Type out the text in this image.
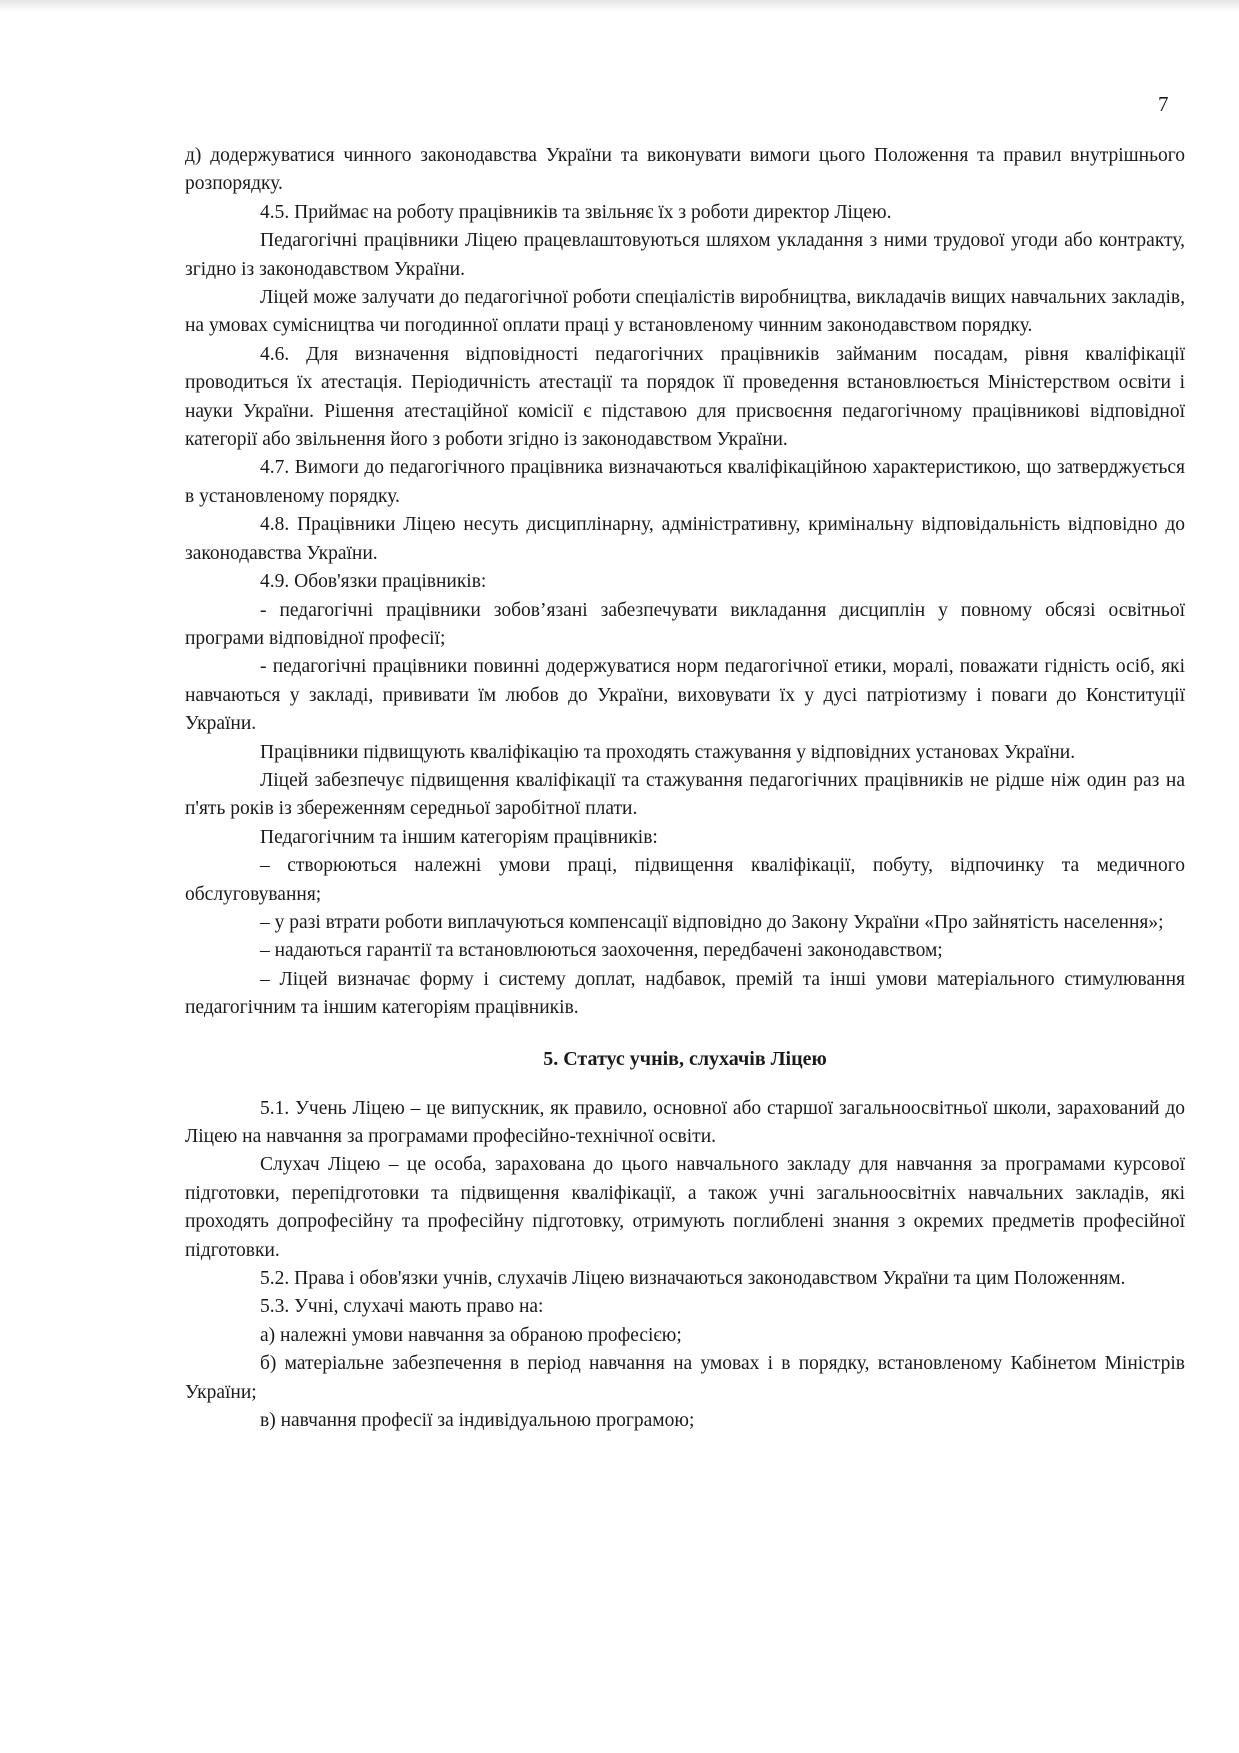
7

д) додержуватися чинного законодавства України та виконувати вимоги цього Положення та правил внутрішнього розпорядку.

4.5. Приймає на роботу працівників та звільняє їх з роботи директор Ліцею.

Педагогічні працівники Ліцею працевлаштовуються шляхом укладання з ними трудової угоди або контракту, згідно із законодавством України.

Ліцей може залучати до педагогічної роботи спеціалістів виробництва, викладачів вищих навчальних закладів, на умовах сумісництва чи погодинної оплати праці у встановленому чинним законодавством порядку.

4.6. Для визначення відповідності педагогічних працівників займаним посадам, рівня кваліфікації проводиться їх атестація. Періодичність атестації та порядок її проведення встановлюється Міністерством освіти і науки України. Рішення атестаційної комісії є підставою для присвоєння педагогічному працівникові відповідної категорії або звільнення його з роботи згідно із законодавством України.

4.7. Вимоги до педагогічного працівника визначаються кваліфікаційною характеристикою, що затверджується в установленому порядку.

4.8. Працівники Ліцею несуть дисциплінарну, адміністративну, кримінальну відповідальність відповідно до законодавства України.

4.9. Обов'язки працівників:

- педагогічні працівники зобов’язані забезпечувати викладання дисциплін у повному обсязі освітньої програми відповідної професії;

- педагогічні працівники повинні додержуватися норм педагогічної етики, моралі, поважати гідність осіб, які навчаються у закладі, прививати їм любов до України, виховувати їх у дусі патріотизму і поваги до Конституції України.

Працівники підвищують кваліфікацію та проходять стажування у відповідних установах України.

Ліцей забезпечує підвищення кваліфікації та стажування педагогічних працівників не рідше ніж один раз на п'ять років із збереженням середньої заробітної плати.

Педагогічним та іншим категоріям працівників:

– створюються належні умови праці, підвищення кваліфікації, побуту, відпочинку та медичного обслуговування;

– у разі втрати роботи виплачуються компенсації відповідно до Закону України «Про зайнятість населення»;

– надаються гарантії та встановлюються заохочення, передбачені законодавством;

– Ліцей визначає форму і систему доплат, надбавок, премій та інші умови матеріального стимулювання педагогічним та іншим категоріям працівників.

5. Статус учнів, слухачів Ліцею

5.1. Учень Ліцею – це випускник, як правило, основної або старшої загальноосвітньої школи, зарахований до Ліцею на навчання за програмами професійно-технічної освіти.

Слухач Ліцею – це особа, зарахована до цього навчального закладу для навчання за програмами курсової підготовки, перепідготовки та підвищення кваліфікації, а також учні загальноосвітніх навчальних закладів, які проходять допрофесійну та професійну підготовку, отримують поглиблені знання з окремих предметів професійної підготовки.

5.2. Права і обов'язки учнів, слухачів Ліцею визначаються законодавством України та цим Положенням.

5.3. Учні, слухачі мають право на:

а) належні умови навчання за обраною професією;

б) матеріальне забезпечення в період навчання на умовах і в порядку, встановленому Кабінетом Міністрів України;

в) навчання професії за індивідуальною програмою;
